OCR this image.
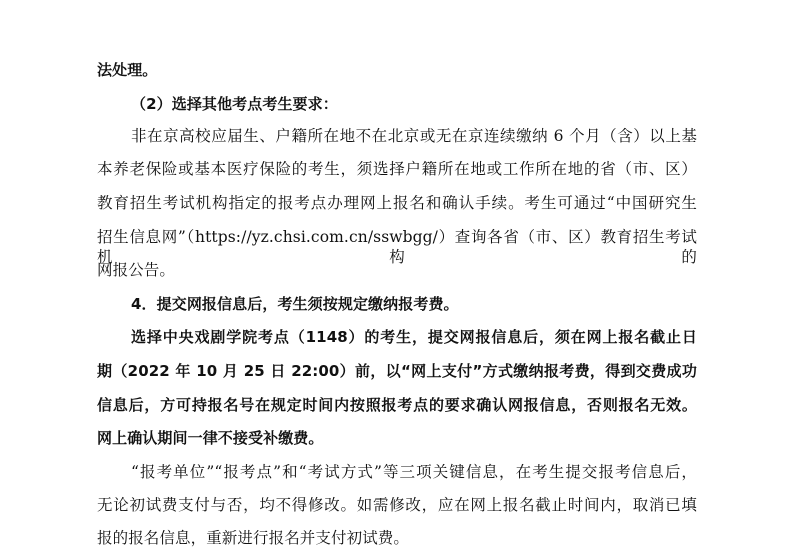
法处理。
（2）选择其他考点考生要求：
非在京高校应届生、户籍所在地不在北京或无在京连续缴纳 6 个月（含）以上基
本养老保险或基本医疗保险的考生，须选择户籍所在地或工作所在地的省（市、区）
教育招生考试机构指定的报考点办理网上报名和确认手续。考生可通过“中国研究生
招生信息网”（https://yz.chsi.com.cn/sswbgg/）查询各省（市、区）教育招生考试机构的
网报公告。
4．提交网报信息后，考生须按规定缴纳报考费。
选择中央戏剧学院考点（1148）的考生，提交网报信息后，须在网上报名截止日
期（2022 年 10 月 25 日 22:00）前，以“网上支付”方式缴纳报考费，得到交费成功
信息后，方可持报名号在规定时间内按照报考点的要求确认网报信息，否则报名无效。
网上确认期间一律不接受补缴费。
“报考单位”“报考点”和“考试方式”等三项关键信息，在考生提交报考信息后，
无论初试费支付与否，均不得修改。如需修改，应在网上报名截止时间内，取消已填
报的报名信息，重新进行报名并支付初试费。
